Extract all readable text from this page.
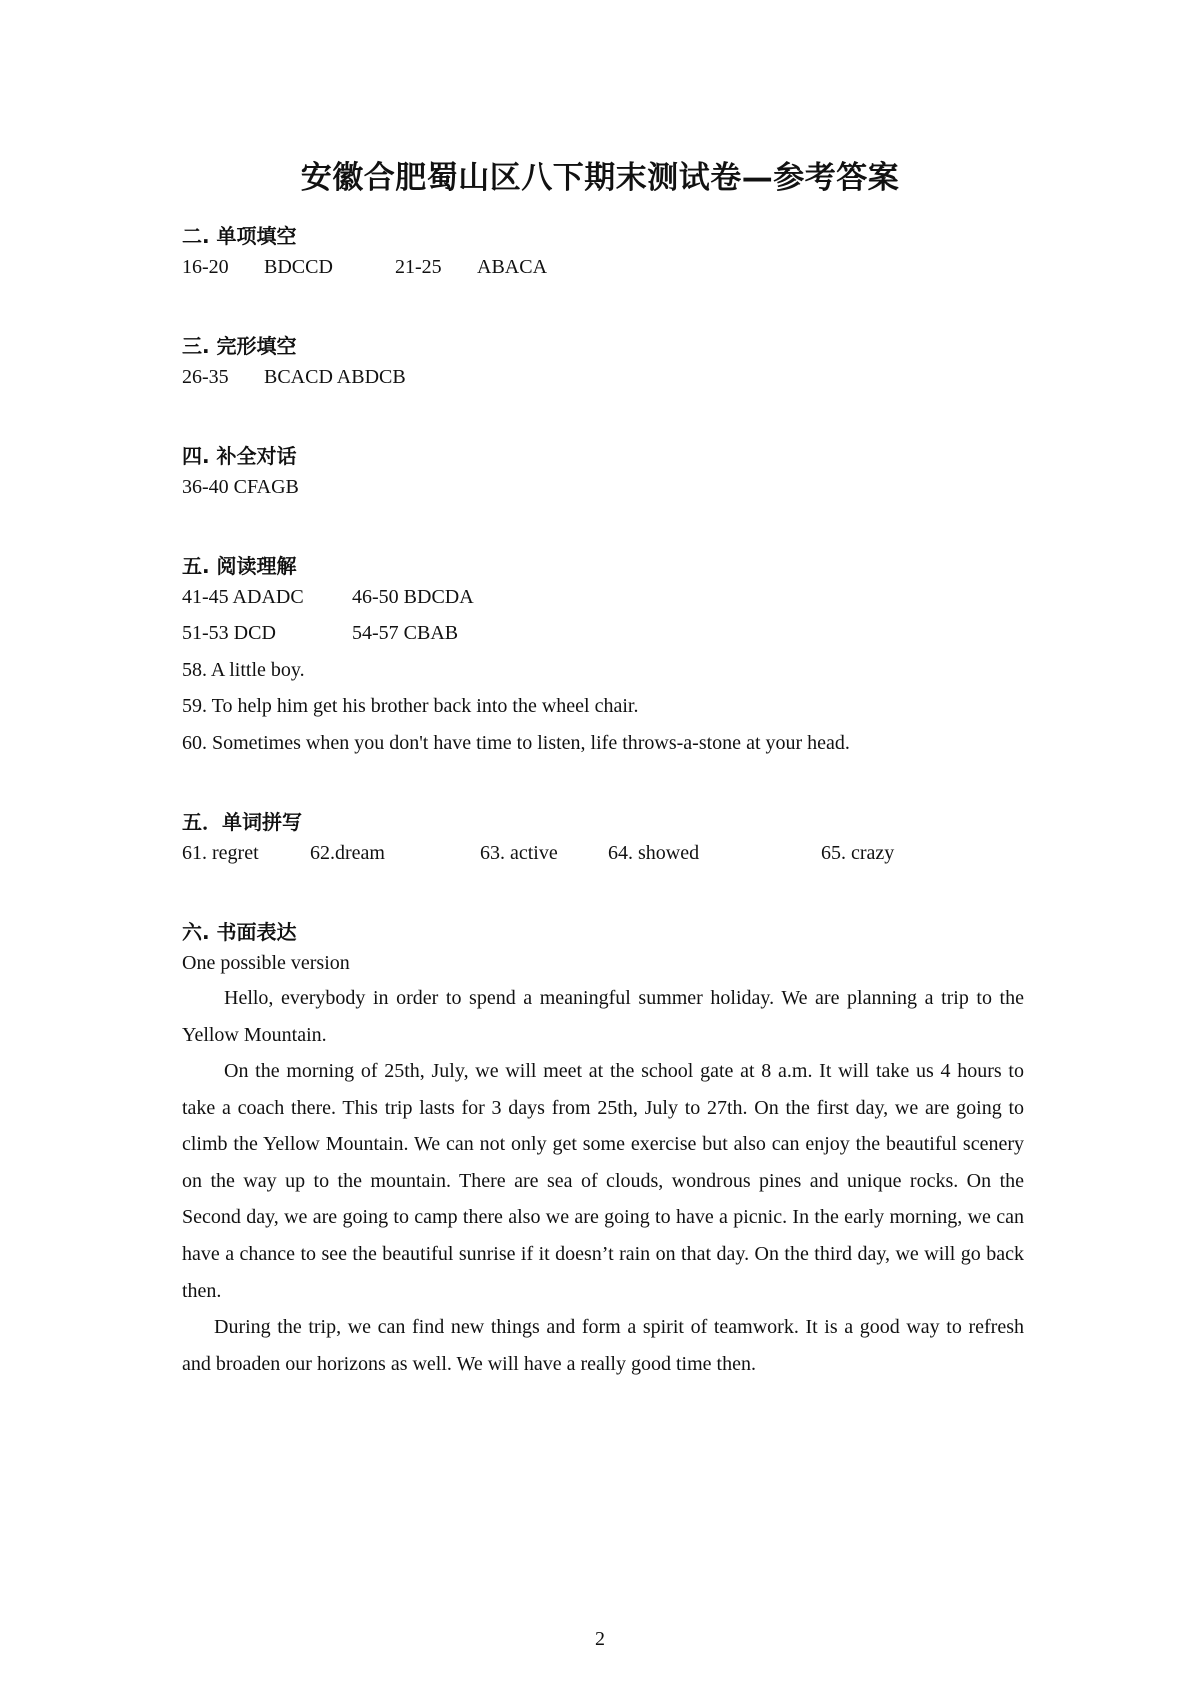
安徽合肥蜀山区八下期末测试卷—参考答案
二. 单项填空
16-20 BDCCD	21-25 ABACA
三. 完形填空
26-35 BCACD ABDCB
四. 补全对话
36-40 CFAGB
五. 阅读理解
41-45 ADADC 46-50 BDCDA
51-53 DCD	54-57 CBAB
58. A little boy.
59. To help him get his brother back into the wheel chair.
60. Sometimes when you don't have time to listen, life throws-a-stone at your head.
五．单词拼写
61. regret	62.dream	63. active	64. showed	65. crazy
六. 书面表达
One possible version
Hello, everybody in order to spend a meaningful summer holiday. We are planning a trip to the Yellow Mountain.
On the morning of 25th, July, we will meet at the school gate at 8 a.m. It will take us 4 hours to take a coach there. This trip lasts for 3 days from 25th, July to 27th. On the first day, we are going to climb the Yellow Mountain. We can not only get some exercise but also can enjoy the beautiful scenery on the way up to the mountain. There are sea of clouds, wondrous pines and unique rocks. On the Second day, we are going to camp there also we are going to have a picnic. In the early morning, we can have a chance to see the beautiful sunrise if it doesn’t rain on that day. On the third day, we will go back then.
During the trip, we can find new things and form a spirit of teamwork. It is a good way to refresh and broaden our horizons as well. We will have a really good time then.
2
